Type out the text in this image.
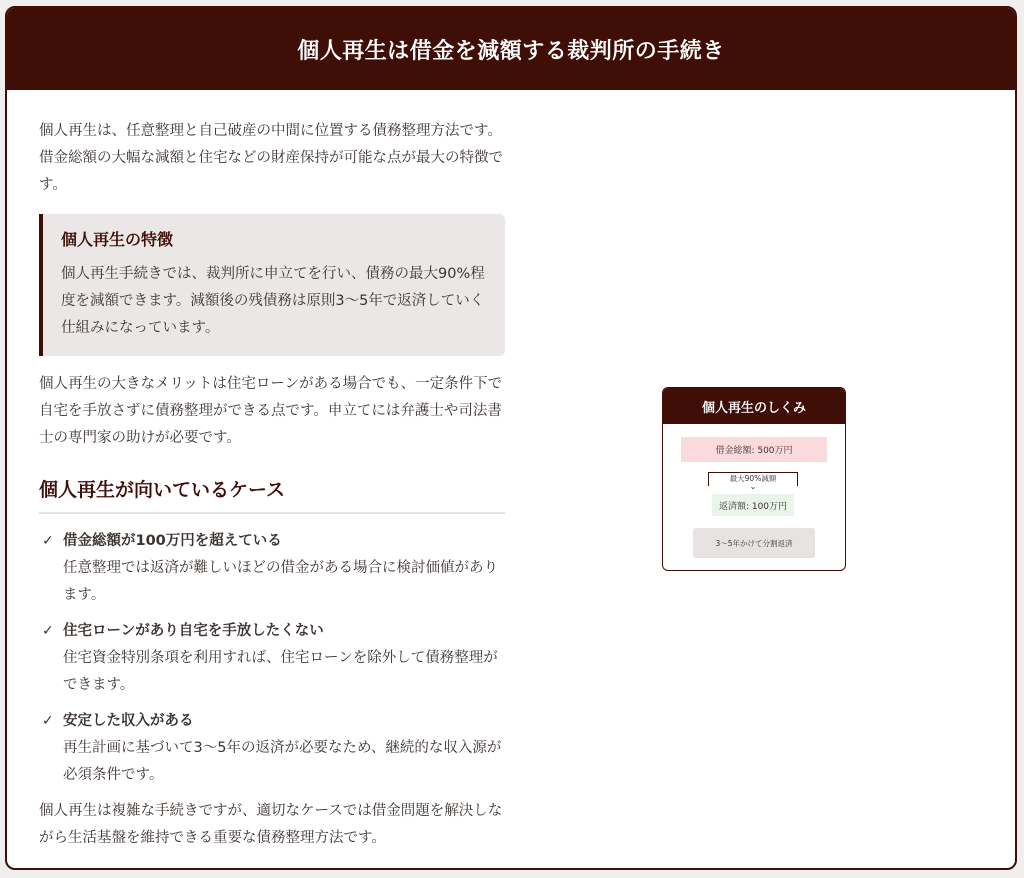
個人再生は借金を減額する裁判所の手続き

個人再生は、任意整理と自己破産の中間に位置する債務整理方法です。借金総額の大幅な減額と住宅などの財産保持が可能な点が最大の特徴です。

個人再生の特徴
個人再生手続きでは、裁判所に申立てを行い、債務の最大90%程度を減額できます。減額後の残債務は原則3〜5年で返済していく仕組みになっています。

個人再生の大きなメリットは住宅ローンがある場合でも、一定条件下で自宅を手放さずに債務整理ができる点です。申立てには弁護士や司法書士の専門家の助けが必要です。

個人再生が向いているケース
✓ 借金総額が100万円を超えている
任意整理では返済が難しいほどの借金がある場合に検討価値があります。
✓ 住宅ローンがあり自宅を手放したくない
住宅資金特別条項を利用すれば、住宅ローンを除外して債務整理ができます。
✓ 安定した収入がある
再生計画に基づいて3〜5年の返済が必要なため、継続的な収入源が必須条件です。

個人再生は複雑な手続きですが、適切なケースでは借金問題を解決しながら生活基盤を維持できる重要な債務整理方法です。

個人再生のしくみ
借金総額: 500万円
最大90%減額
⌄
返済額: 100万円
3〜5年かけて分割返済
